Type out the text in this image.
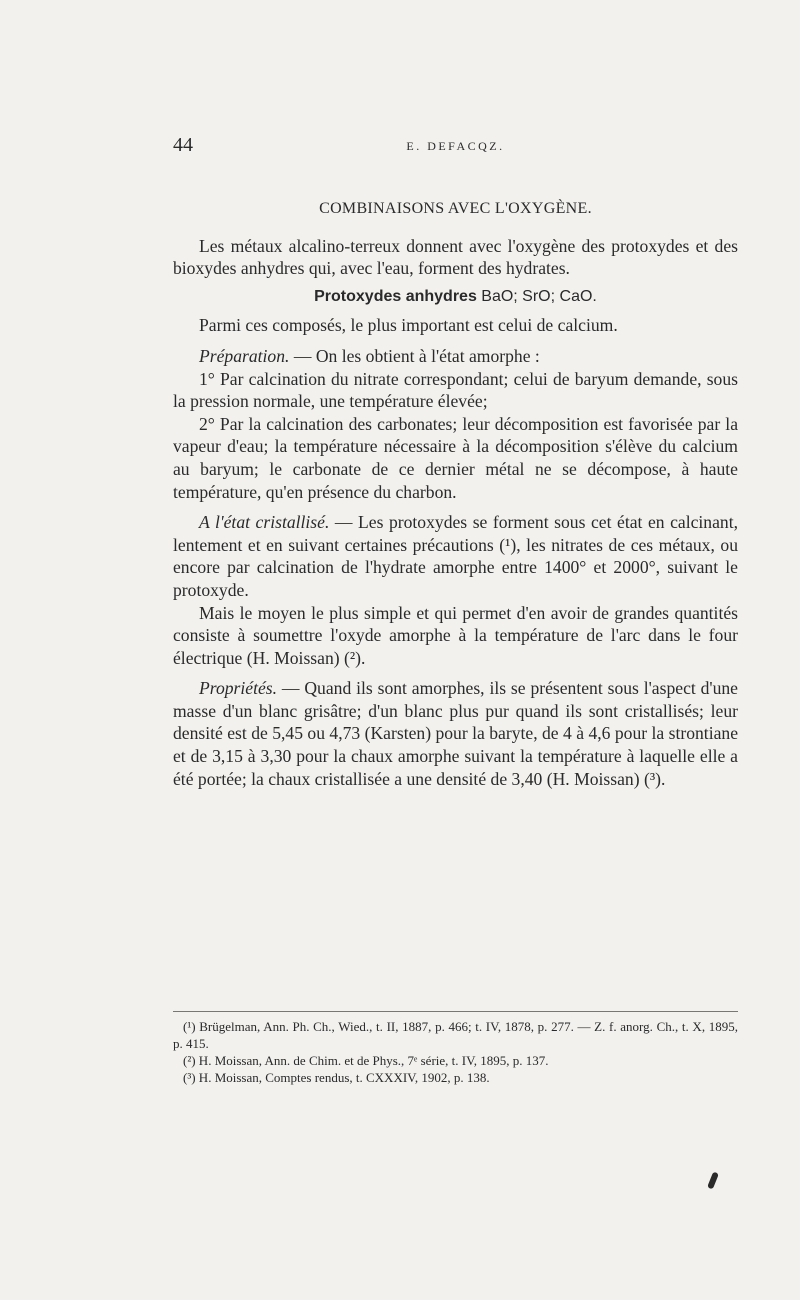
44	E. DEFACQZ.
COMBINAISONS AVEC L'OXYGÈNE.

Les métaux alcalino-terreux donnent avec l'oxygène des protoxydes et des bioxydes anhydres qui, avec l'eau, forment des hydrates.

Protoxydes anhydres BaO; SrO; CaO.

Parmi ces composés, le plus important est celui de calcium.

Préparation. — On les obtient à l'état amorphe :

1° Par calcination du nitrate correspondant; celui de baryum demande, sous la pression normale, une température élevée;

2° Par la calcination des carbonates; leur décomposition est favorisée par la vapeur d'eau; la température nécessaire à la décomposition s'élève du calcium au baryum; le carbonate de ce dernier métal ne se décompose, à haute température, qu'en présence du charbon.

A l'état cristallisé. — Les protoxydes se forment sous cet état en calcinant, lentement et en suivant certaines précautions (¹), les nitrates de ces métaux, ou encore par calcination de l'hydrate amorphe entre 1400° et 2000°, suivant le protoxyde.

Mais le moyen le plus simple et qui permet d'en avoir de grandes quantités consiste à soumettre l'oxyde amorphe à la température de l'arc dans le four électrique (H. Moissan) (²).

Propriétés. — Quand ils sont amorphes, ils se présentent sous l'aspect d'une masse d'un blanc grisâtre; d'un blanc plus pur quand ils sont cristallisés; leur densité est de 5,45 ou 4,73 (Karsten) pour la baryte, de 4 à 4,6 pour la strontiane et de 3,15 à 3,30 pour la chaux amorphe suivant la température à laquelle elle a été portée; la chaux cristallisée a une densité de 3,40 (H. Moissan) (³).

(¹) Brügelman, Ann. Ph. Ch., Wied., t. II, 1887, p. 466; t. IV, 1878, p. 277. — Z. f. anorg. Ch., t. X, 1895, p. 415.

(²) H. Moissan, Ann. de Chim. et de Phys., 7ᵉ série, t. IV, 1895, p. 137.

(³) H. Moissan, Comptes rendus, t. CXXXIV, 1902, p. 138.
